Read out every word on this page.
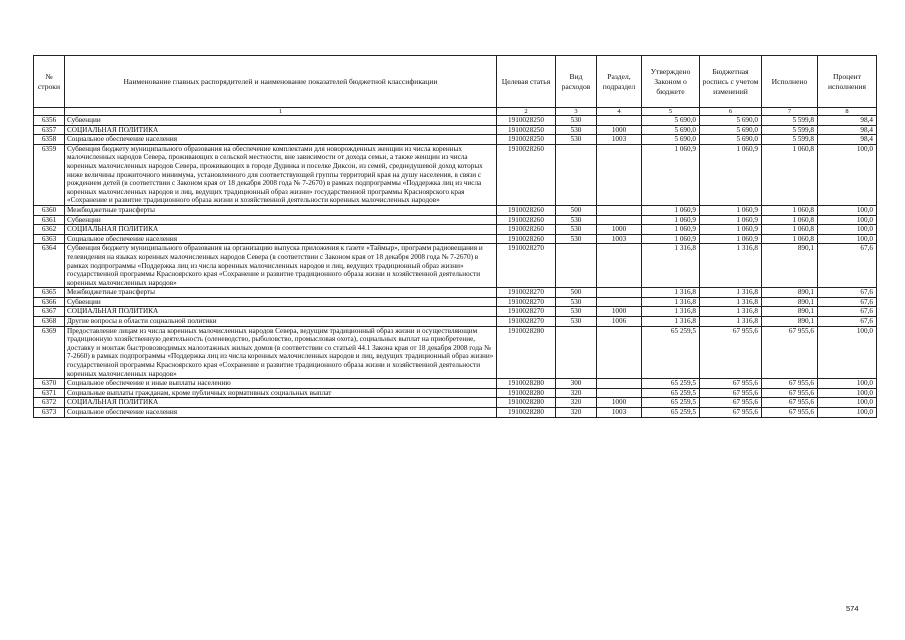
№ строки	Наименование главных распорядителей и наименование показателей бюджетной классификации	Целевая статья	Вид расходов	Раздел, подраздел	Утверждено Законом о бюджете	Бюджетная роспись с учетом изменений	Исполнено	Процент исполнения
	1	2	3	4	5	6	7	8
6356	Субвенции	1910028250	530		5 690,0	5 690,0	5 599,8	98,4
6357	СОЦИАЛЬНАЯ ПОЛИТИКА	1910028250	530	1000	5 690,0	5 690,0	5 599,8	98,4
6358	Социальное обеспечение населения	1910028250	530	1003	5 690,0	5 690,0	5 599,8	98,4
6359	Субвенция бюджету муниципального образования на обеспечение комплектами для новорожденных женщин из числа коренных малочисленных народов Севера, проживающих в сельской местности, вне зависимости от дохода семьи, а также женщин из числа коренных малочисленных народов Севера, проживающих в городе Дудинка и поселке Диксон, из семей, среднедушевой доход которых ниже величины прожиточного минимума, установленного для соответствующей группы территорий края на душу населения, в связи с рождением детей (в соответствии с Законом края от 18 декабря 2008 года № 7-2670) в рамках подпрограммы «Поддержка лиц из числа коренных малочисленных народов и лиц, ведущих традиционный образ жизни» государственной программы Красноярского края «Сохранение и развитие традиционного образа жизни и хозяйственной деятельности коренных малочисленных народов»	1910028260			1 060,9	1 060,9	1 060,8	100,0
6360	Межбюджетные трансферты	1910028260	500		1 060,9	1 060,9	1 060,8	100,0
6361	Субвенции	1910028260	530		1 060,9	1 060,9	1 060,8	100,0
6362	СОЦИАЛЬНАЯ ПОЛИТИКА	1910028260	530	1000	1 060,9	1 060,9	1 060,8	100,0
6363	Социальное обеспечение населения	1910028260	530	1003	1 060,9	1 060,9	1 060,8	100,0
6364	Субвенция бюджету муниципального образования на организацию выпуска приложения к газете «Таймыр», программ радиовещания и телевидения на языках коренных малочисленных народов Севера (в соответствии с Законом края от 18 декабря 2008 года № 7-2670) в рамках подпрограммы «Поддержка лиц из числа коренных малочисленных народов и лиц, ведущих традиционный образ жизни» государственной программы Красноярского края «Сохранение и развитие традиционного образа жизни и хозяйственной деятельности коренных малочисленных народов»	1910028270			1 316,8	1 316,8	890,1	67,6
6365	Межбюджетные трансферты	1910028270	500		1 316,8	1 316,8	890,1	67,6
6366	Субвенции	1910028270	530		1 316,8	1 316,8	890,1	67,6
6367	СОЦИАЛЬНАЯ ПОЛИТИКА	1910028270	530	1000	1 316,8	1 316,8	890,1	67,6
6368	Другие вопросы в области социальной политики	1910028270	530	1006	1 316,8	1 316,8	890,1	67,6
6369	Предоставление лицам из числа коренных малочисленных народов Севера, ведущим традиционный образ жизни и осуществляющим традиционную хозяйственную деятельность (оленеводство, рыболовство, промысловая охота), социальных выплат на приобретение, доставку и монтаж быстровозводимых малоэтажных жилых домов (в соответствии со статьей 44.1 Закона края от 18 декабря 2008 года № 7-2660) в рамках подпрограммы «Поддержка лиц из числа коренных малочисленных народов и лиц, ведущих традиционный образ жизни» государственной программы Красноярского края «Сохранение и развитие традиционного образа жизни и хозяйственной деятельности коренных малочисленных народов»	1910028280			65 259,5	67 955,6	67 955,6	100,0
6370	Социальное обеспечение и иные выплаты населению	1910028280	300		65 259,5	67 955,6	67 955,6	100,0
6371	Социальные выплаты гражданам, кроме публичных нормативных социальных выплат	1910028280	320		65 259,5	67 955,6	67 955,6	100,0
6372	СОЦИАЛЬНАЯ ПОЛИТИКА	1910028280	320	1000	65 259,5	67 955,6	67 955,6	100,0
6373	Социальное обеспечение населения	1910028280	320	1003	65 259,5	67 955,6	67 955,6	100,0
574
